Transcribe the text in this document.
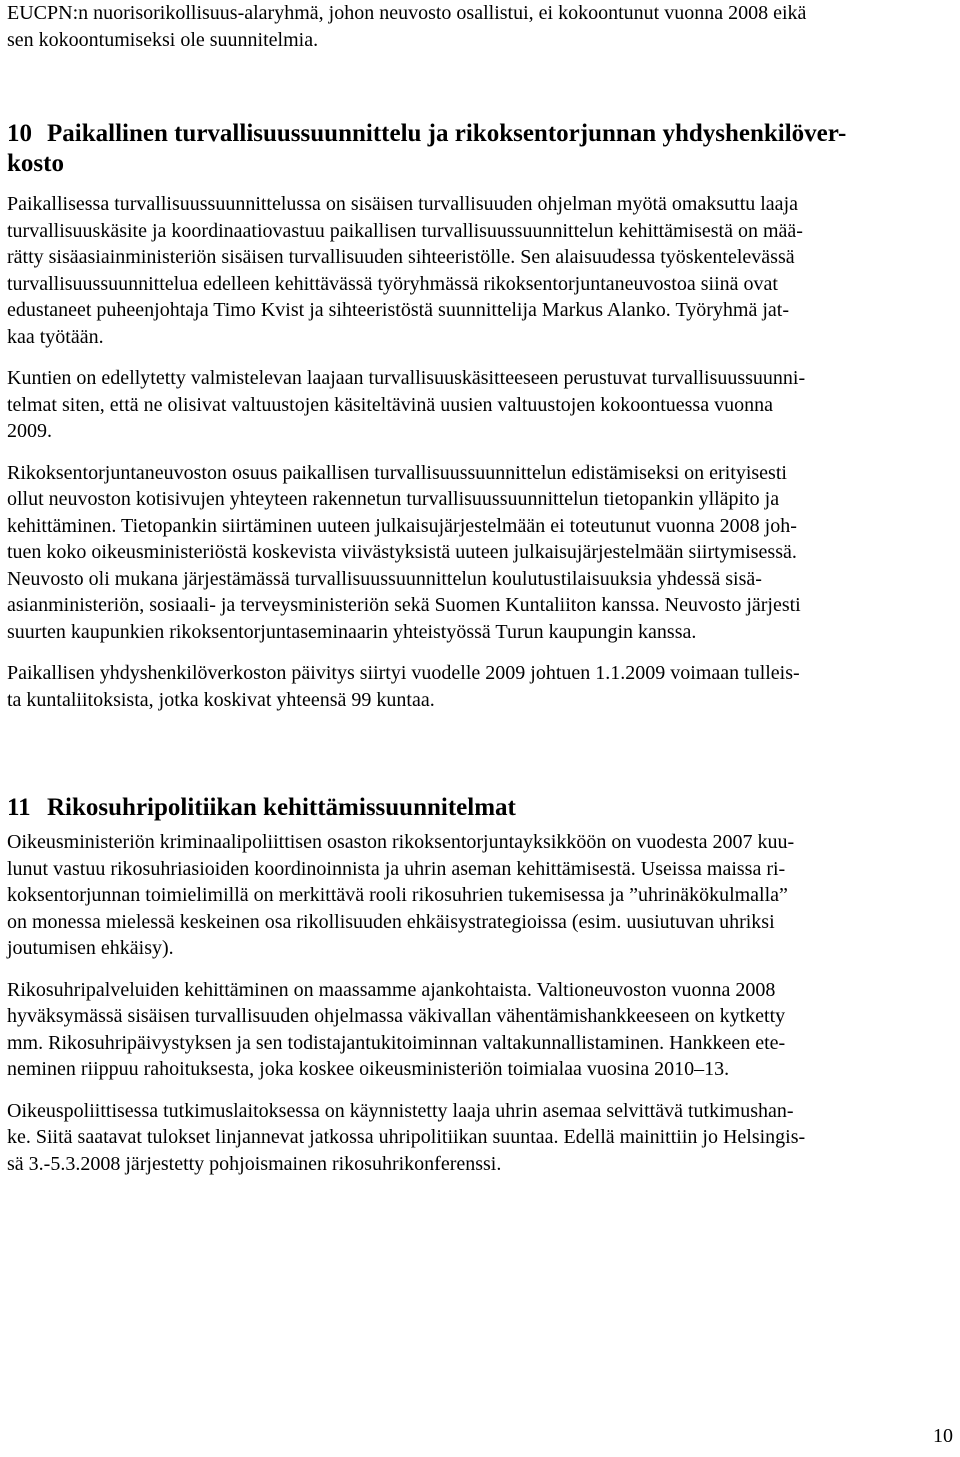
EUCPN:n nuorisorikollisuus-alaryhmä, johon neuvosto osallistui, ei kokoontunut vuonna 2008 eikä
sen kokoontumiseksi ole suunnitelmia.

10 Paikallinen turvallisuussuunnittelu ja rikoksentorjunnan yhdyshenkilöver-
kosto

Paikallisessa turvallisuussuunnittelussa on sisäisen turvallisuuden ohjelman myötä omaksuttu laaja
turvallisuuskäsite ja koordinaatiovastuu paikallisen turvallisuussuunnittelun kehittämisestä on mää-
rätty sisäasiainministeriön sisäisen turvallisuuden sihteeristölle. Sen alaisuudessa työskentelevässä
turvallisuussuunnittelua edelleen kehittävässä työryhmässä rikoksentorjuntaneuvostoa siinä ovat
edustaneet puheenjohtaja Timo Kvist ja sihteeristöstä suunnittelija Markus Alanko. Työryhmä jat-
kaa työtään.

Kuntien on edellytetty valmistelevan laajaan turvallisuuskäsitteeseen perustuvat turvallisuussuunni-
telmat siten, että ne olisivat valtuustojen käsiteltävinä uusien valtuustojen kokoontuessa vuonna
2009.

Rikoksentorjuntaneuvoston osuus paikallisen turvallisuussuunnittelun edistämiseksi on erityisesti
ollut neuvoston kotisivujen yhteyteen rakennetun turvallisuussuunnittelun tietopankin ylläpito ja
kehittäminen. Tietopankin siirtäminen uuteen julkaisujärjestelmään ei toteutunut vuonna 2008 joh-
tuen koko oikeusministeriöstä koskevista viivästyksistä uuteen julkaisujärjestelmään siirtymisessä.
Neuvosto oli mukana järjestämässä turvallisuussuunnittelun koulutustilaisuuksia yhdessä sisä-
asianministeriön, sosiaali- ja terveysministeriön sekä Suomen Kuntaliiton kanssa. Neuvosto järjesti
suurten kaupunkien rikoksentorjuntaseminaarin yhteistyössä Turun kaupungin kanssa.

Paikallisen yhdyshenkilöverkoston päivitys siirtyi vuodelle 2009 johtuen 1.1.2009 voimaan tulleis-
ta kuntaliitoksista, jotka koskivat yhteensä 99 kuntaa.

11 Rikosuhripolitiikan kehittämissuunnitelmat

Oikeusministeriön kriminaalipoliittisen osaston rikoksentorjuntayksikköön on vuodesta 2007 kuu-
lunut vastuu rikosuhriasioiden koordinoinnista ja uhrin aseman kehittämisestä. Useissa maissa ri-
koksentorjunnan toimielimillä on merkittävä rooli rikosuhrien tukemisessa ja ”uhrinäkökulmalla”
on monessa mielessä keskeinen osa rikollisuuden ehkäisystrategioissa (esim. uusiutuvan uhriksi
joutumisen ehkäisy).

Rikosuhripalveluiden kehittäminen on maassamme ajankohtaista. Valtioneuvoston vuonna 2008
hyväksymässä sisäisen turvallisuuden ohjelmassa väkivallan vähentämishankkeeseen on kytketty
mm. Rikosuhripäivystyksen ja sen todistajantukitoiminnan valtakunnallistaminen. Hankkeen ete-
neminen riippuu rahoituksesta, joka koskee oikeusministeriön toimialaa vuosina 2010–13.

Oikeuspoliittisessa tutkimuslaitoksessa on käynnistetty laaja uhrin asemaa selvittävä tutkimushan-
ke. Siitä saatavat tulokset linjannevat jatkossa uhripolitiikan suuntaa. Edellä mainittiin jo Helsingis-
sä 3.-5.3.2008 järjestetty pohjoismainen rikosuhrikonferenssi.

10
